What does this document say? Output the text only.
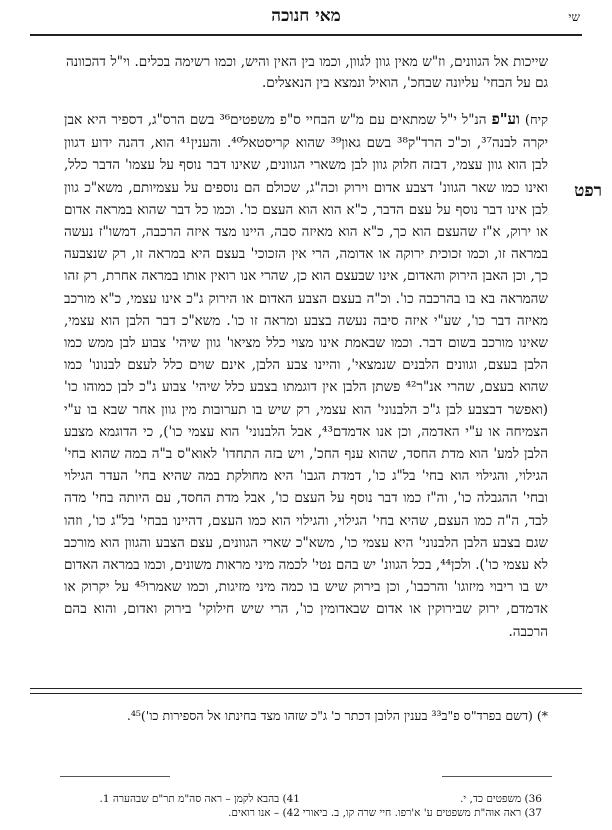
שי
מאי חנוכה
שייכות אל הגוונים, וז"ש מאין גוון לגוון, וכמו בין האין והיש, וכמו רשימה בכלים. וי"ל דהכוונה גם על הבחי' עליונה שבחכ', הואיל ונמצא בין הנאצלים.

קיח) וע"פ הנ"ל י"ל שמתאים עם מ"ש הבחיי ס"פ משפטים³⁶ בשם הרס"ג, דספיר היא אבן יקרה לבנה³⁷, וכ"כ הרד"ק³⁸ בשם גאון³⁹ שהוא קריסטאל⁴⁰. והענין⁴¹ הוא, דהנה ידוע דגוון לבן הוא גוון עצמי, דבזה חלוק גוון לבן משארי הגוונים, שאינו דבר נוסף על עצמו' הדבר כלל, ואינו כמו שאר הגוונ' דצבע אדום וירוק וכה"ג, שכולם הם נוספים על עצמיותם, משא"כ גוון לבן אינו דבר נוסף על עצם הדבר, כ"א הוא הוא העצם כו'. וכמו כל דבר שהוא במראה אדום או ירוק, א"ז שהעצם הוא כך, כ"א הוא מאיזה סבה, היינו מצד איזה הרכבה, דמשו"ז נעשה במראה זו, וכמו זכוכית ירוקה או אדומה, הרי אין הזכוכי' בעצם היא במראה זו, רק שנצבעה כך, וכן האבן הירוק והאדום, אינו שבעצם הוא כן, שהרי אנו רואין אותו במראה אחרת, רק זהו שהמראה בא בו בהרכבה כו'. וכ"ה בעצם הצבע האדום או הירוק ג"כ אינו עצמי, כ"א מורכב מאיזה דבר כו', שע"י איזה סיבה נעשה בצבע ומראה זו כו'. משא"כ דבר הלבן הוא עצמי, שאינו מורכב בשום דבר. וכמו שבאמת אינו מצוי כלל מציאו' גוון שיהי' צבוע לבן ממש כמו הלבן בעצם, וגוונים הלבנים שנמצאי', והיינו צבע הלבן, אינם שוים כלל לעצם לבנונו' כמו שהוא בעצם, שהרי אנ"ר⁴² פשתן הלבן אין דוגמתו בצבע כלל שיהי' צבוע ג"כ לבן כמוהו כו' (ואפשר דבצבע לבן ג"כ הלבנוני' הוא עצמי, רק שיש בו תערובות מין גוון אחר שבא בו ע"י הצמיחה או ע"י האדמה, וכן אנו אדמדם⁴³, אבל הלבנוני' הוא עצמי כו'), כי הדוגמא מצבע הלבן למע' הוא מדת החסד, שהוא ענף החכ', ויש בזה התחדו' לאוא"ס ב"ה במה שהוא בחי' הגילוי, והגילוי הוא בחי' בל"ג כו', דמדת הגבו' היא מחולקת במה שהיא בחי' העדר הגילוי ובחי' ההגבלה כו', וה"ז כמו דבר נוסף על העצם כו', אבל מדת החסד, עם היותה בחי' מדה לבד, ה"ה כמו העצם, שהיא בחי' הגילוי, והגילוי הוא כמו העצם, דהיינו בבחי' בל"ג כו', וזהו שגם בצבע הלבן הלבנוני' היא עצמי כו', משא"כ שארי הגוונים, עצם הצבע והגוון הוא מורכב לא עצמי כו'). ולכן⁴⁴, בכל הגוונ' יש בהם נטי' לכמה מיני מראות משונים, וכמו במראה האדום יש בו ריבוי מיזוגו' והרכבו', וכן בירוק שיש בו כמה מיני מזיגות, וכמו שאמרו⁴⁵ על יקרוק או אדמדם, ירוק שבירוקין או אדום שבאדומין כו', הרי שיש חילוקי' בירוק ואדום, והוא בהם הרכבה.

רפט
*) (דשם בפרד"ס פ"ב³³ בענין הלובן דכתר כ' ג"כ שזהו מצד בחינתו אל הספירות כו')⁴⁵.
36) משפטים כד, י.
37) ראה אוה"ת משפטים ע' א'רפו. חיי שרה קו, ב. ביאורי
41) בהבא לקמן – ראה סה"מ תר"ם שבהערה 1.
42) – אנו רואים.
